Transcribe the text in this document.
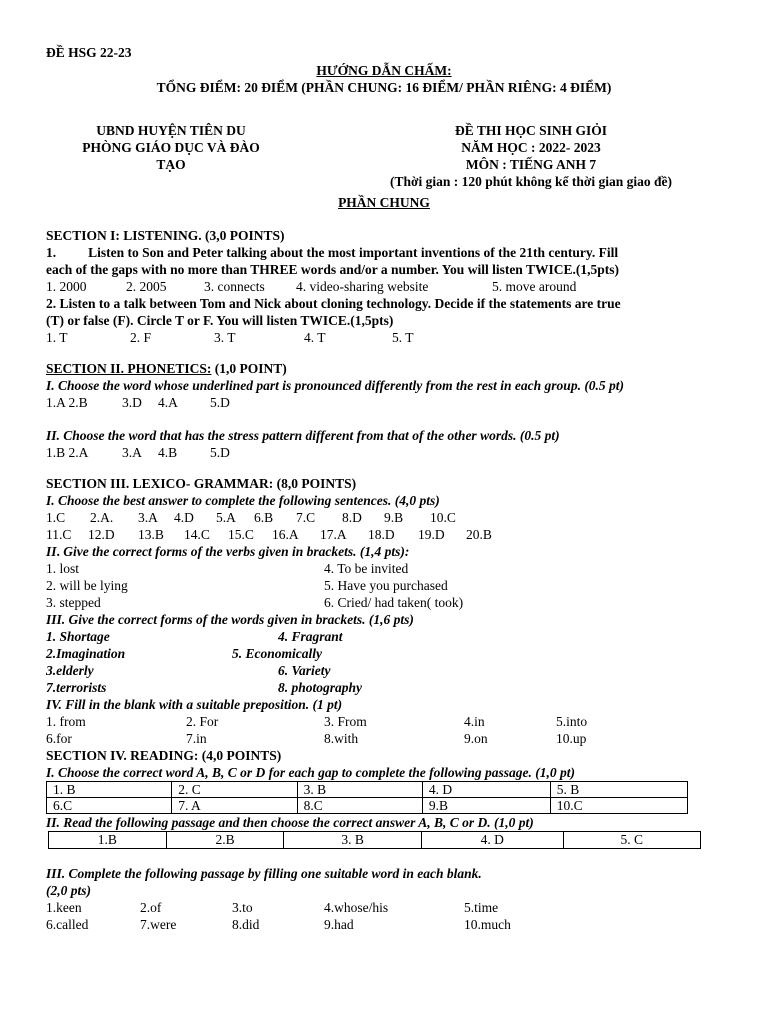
ĐỀ HSG 22-23
HƯỚNG DẪN CHẤM:
TỔNG ĐIỂM: 20 ĐIỂM (PHẦN CHUNG: 16 ĐIỂM/ PHẦN RIÊNG: 4 ĐIỂM)
UBND HUYỆN TIÊN DU
PHÒNG GIÁO DỤC VÀ ĐÀO
TẠO
ĐỀ THI HỌC SINH GIỎI
NĂM HỌC : 2022- 2023
MÔN : TIẾNG ANH 7
(Thời gian : 120 phút không kể thời gian giao đề)
PHẦN CHUNG
SECTION I: LISTENING. (3,0 POINTS)
1. Listen to Son and Peter talking about the most important inventions of the 21th century. Fill
each of the gaps with no more than THREE words and/or a number. You will listen TWICE.(1,5pts)
1. 2000	2. 2005	3. connects 4. video-sharing website	5. move around
2. Listen to a talk between Tom and Nick about cloning technology. Decide if the statements are true
(T) or false (F). Circle T or F. You will listen TWICE.(1,5pts)
1. T	2. F	3. T	4. T	5. T
SECTION II. PHONETICS: (1,0 POINT)
I. Choose the word whose underlined part is pronounced differently from the rest in each group. (0.5 pt)
1.A 2.B	3.D 4.A 5.D
II. Choose the word that has the stress pattern different from that of the other words. (0.5 pt)
1.B 2.A 3.A 4.B 5.D
SECTION III. LEXICO- GRAMMAR: (8,0 POINTS)
I. Choose the best answer to complete the following sentences. (4,0 pts)
1.C 2.A. 3.A 4.D 5.A 6.B 7.C 8.D 9.B 10.C
11.C 12.D 13.B 14.C 15.C 16.A 17.A 18.D 19.D 20.B
II. Give the correct forms of the verbs given in brackets. (1,4 pts):
1. lost	4. To be invited
2. will be lying	5. Have you purchased
3. stepped	6. Cried/ had taken( took)
III. Give the correct forms of the words given in brackets. (1,6 pts)
1. Shortage	4. Fragrant
2.Imagination	5. Economically
3.elderly	6. Variety
7.terrorists	8. photography
IV. Fill in the blank with a suitable preposition. (1 pt)
1. from	2. For	3. From	4.in	5.into
6.for	7.in	8.with	9.on	10.up
SECTION IV. READING: (4,0 POINTS)
I. Choose the correct word A, B, C or D for each gap to complete the following passage. (1,0 pt)
1. B	2. C	3. B	4. D	5. B
6.C	7. A	8.C	9.B	10.C
II. Read the following passage and then choose the correct answer A, B, C or D. (1,0 pt)
1.B	2.B	3. B	4. D	5. C
III. Complete the following passage by filling one suitable word in each blank.
(2,0 pts)
1.keen	2.of	3.to	4.whose/his	5.time
6.called	7.were	8.did	9.had	10.much
